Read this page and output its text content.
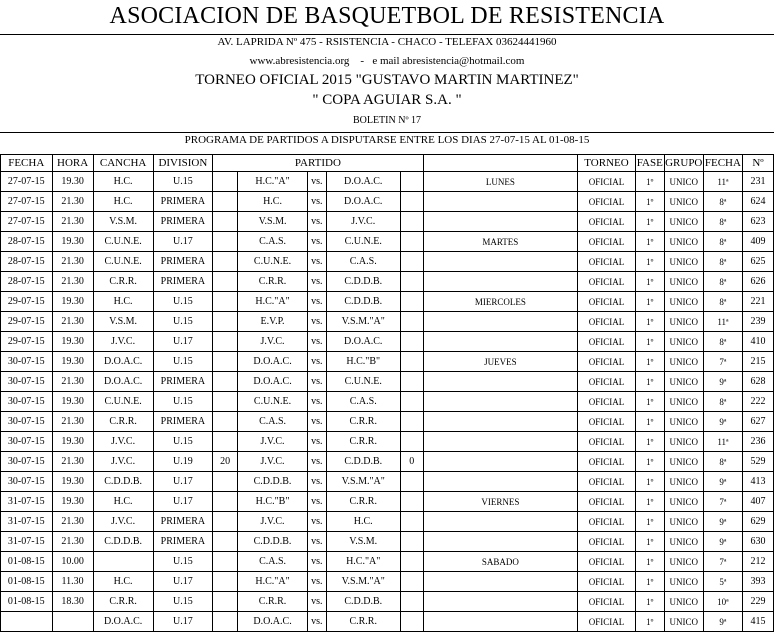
ASOCIACION DE BASQUETBOL DE RESISTENCIA
AV. LAPRIDA Nº 475 - RSISTENCIA - CHACO - TELEFAX 03624441960
www.abresistencia.org    -   e mail abresistencia@hotmail.com
TORNEO OFICIAL 2015 "GUSTAVO MARTIN MARTINEZ"
" COPA AGUIAR S.A. "
BOLETIN Nº 17
PROGRAMA DE PARTIDOS A DISPUTARSE ENTRE LOS DIAS 27-07-15 AL 01-08-15
FECHA	HORA	CANCHA	DIVISION	PARTIDO						TORNEO	FASE	GRUPO	FECHA	Nº
27-07-15	19.30	H.C.	U.15		H.C."A"	vs.	D.O.A.C.		LUNES	OFICIAL	1º	UNICO	11ª	231
27-07-15	21.30	H.C.	PRIMERA		H.C.	vs.	D.O.A.C.			OFICIAL	1º	UNICO	8ª	624
27-07-15	21.30	V.S.M.	PRIMERA		V.S.M.	vs.	J.V.C.			OFICIAL	1º	UNICO	8ª	623
28-07-15	19.30	C.U.N.E.	U.17		C.A.S.	vs.	C.U.N.E.		MARTES	OFICIAL	1º	UNICO	8ª	409
28-07-15	21.30	C.U.N.E.	PRIMERA		C.U.N.E.	vs.	C.A.S.			OFICIAL	1º	UNICO	8ª	625
28-07-15	21.30	C.R.R.	PRIMERA		C.R.R.	vs.	C.D.D.B.			OFICIAL	1º	UNICO	8ª	626
29-07-15	19.30	H.C.	U.15		H.C."A"	vs.	C.D.D.B.		MIERCOLES	OFICIAL	1º	UNICO	8ª	221
29-07-15	21.30	V.S.M.	U.15		E.V.P.	vs.	V.S.M."A"			OFICIAL	1º	UNICO	11ª	239
29-07-15	19.30	J.V.C.	U.17		J.V.C.	vs.	D.O.A.C.			OFICIAL	1º	UNICO	8ª	410
30-07-15	19.30	D.O.A.C.	U.15		D.O.A.C.	vs.	H.C."B"		JUEVES	OFICIAL	1º	UNICO	7ª	215
30-07-15	21.30	D.O.A.C.	PRIMERA		D.O.A.C.	vs.	C.U.N.E.			OFICIAL	1º	UNICO	9ª	628
30-07-15	19.30	C.U.N.E.	U.15		C.U.N.E.	vs.	C.A.S.			OFICIAL	1º	UNICO	8ª	222
30-07-15	21.30	C.R.R.	PRIMERA		C.A.S.	vs.	C.R.R.			OFICIAL	1º	UNICO	9ª	627
30-07-15	19.30	J.V.C.	U.15		J.V.C.	vs.	C.R.R.			OFICIAL	1º	UNICO	11ª	236
30-07-15	21.30	J.V.C.	U.19	20	J.V.C.	vs.	C.D.D.B.	0		OFICIAL	1º	UNICO	8ª	529
30-07-15	19.30	C.D.D.B.	U.17		C.D.D.B.	vs.	V.S.M."A"			OFICIAL	1º	UNICO	9ª	413
31-07-15	19.30	H.C.	U.17		H.C."B"	vs.	C.R.R.		VIERNES	OFICIAL	1º	UNICO	7ª	407
31-07-15	21.30	J.V.C.	PRIMERA		J.V.C.	vs.	H.C.			OFICIAL	1º	UNICO	9ª	629
31-07-15	21.30	C.D.D.B.	PRIMERA		C.D.D.B.	vs.	V.S.M.			OFICIAL	1º	UNICO	9ª	630
01-08-15	10.00		U.15		C.A.S.	vs.	H.C."A"		SABADO	OFICIAL	1º	UNICO	7ª	212
01-08-15	11.30	H.C.	U.17		H.C."A"	vs.	V.S.M."A"			OFICIAL	1º	UNICO	5ª	393
01-08-15	18.30	C.R.R.	U.15		C.R.R.	vs.	C.D.D.B.			OFICIAL	1º	UNICO	10ª	229
		D.O.A.C.	U.17		D.O.A.C.	vs.	C.R.R.			OFICIAL	1º	UNICO	9ª	415
